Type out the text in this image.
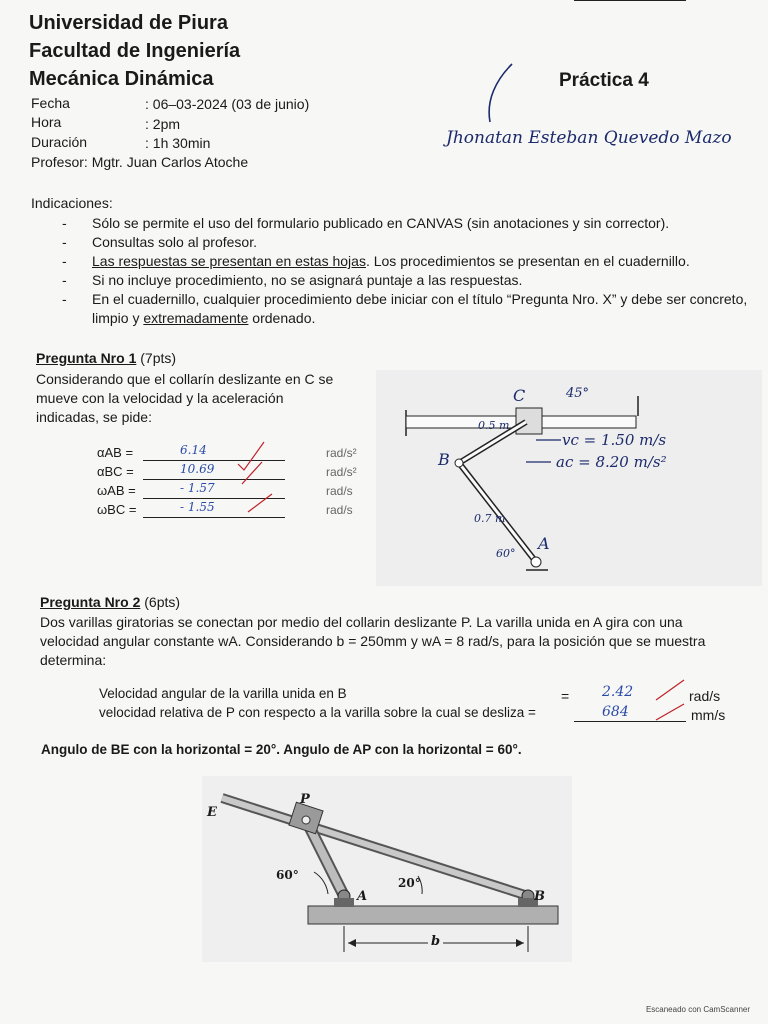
Universidad de Piura
Facultad de Ingeniería
Mecánica Dinámica	Práctica 4
Fecha	: 06–03-2024 (03 de junio)
Hora	: 2pm
Duración	: 1h 30min
Profesor: Mgtr. Juan Carlos Atoche
Jhonatan Esteban Quevedo Mazo
Indicaciones:
- Sólo se permite el uso del formulario publicado en CANVAS (sin anotaciones y sin corrector).
- Consultas solo al profesor.
- Las respuestas se presentan en estas hojas. Los procedimientos se presentan en el cuadernillo.
- Si no incluye procedimiento, no se asignará puntaje a las respuestas.
- En el cuadernillo, cualquier procedimiento debe iniciar con el título “Pregunta Nro. X” y debe ser concreto, limpio y extremadamente ordenado.
Pregunta Nro 1 (7pts)
Considerando que el collarín deslizante en C se mueve con la velocidad y la aceleración indicadas, se pide:
αAB =	6.14	rad/s²
αBC =	10.69	rad/s²
ωAB =	- 1.57	rad/s
ωBC =	- 1.55	rad/s
C	45°
B
A
60°
0.5 m
0.7 m
vc = 1.50 m/s
ac = 8.20 m/s²
Pregunta Nro 2 (6pts)
Dos varillas giratorias se conectan por medio del collarin deslizante P. La varilla unida en A gira con una velocidad angular constante wA. Considerando b = 250mm y wA = 8 rad/s, para la posición que se muestra determina:
Velocidad angular de la varilla unida en B	= 2.42	rad/s
velocidad relativa de P con respecto a la varilla sobre la cual se desliza =	684	mm/s
Angulo de BE con la horizontal = 20°. Angulo de AP con la horizontal = 60°.
E
P
A	B
60°
20°
b
Escaneado con CamScanner
